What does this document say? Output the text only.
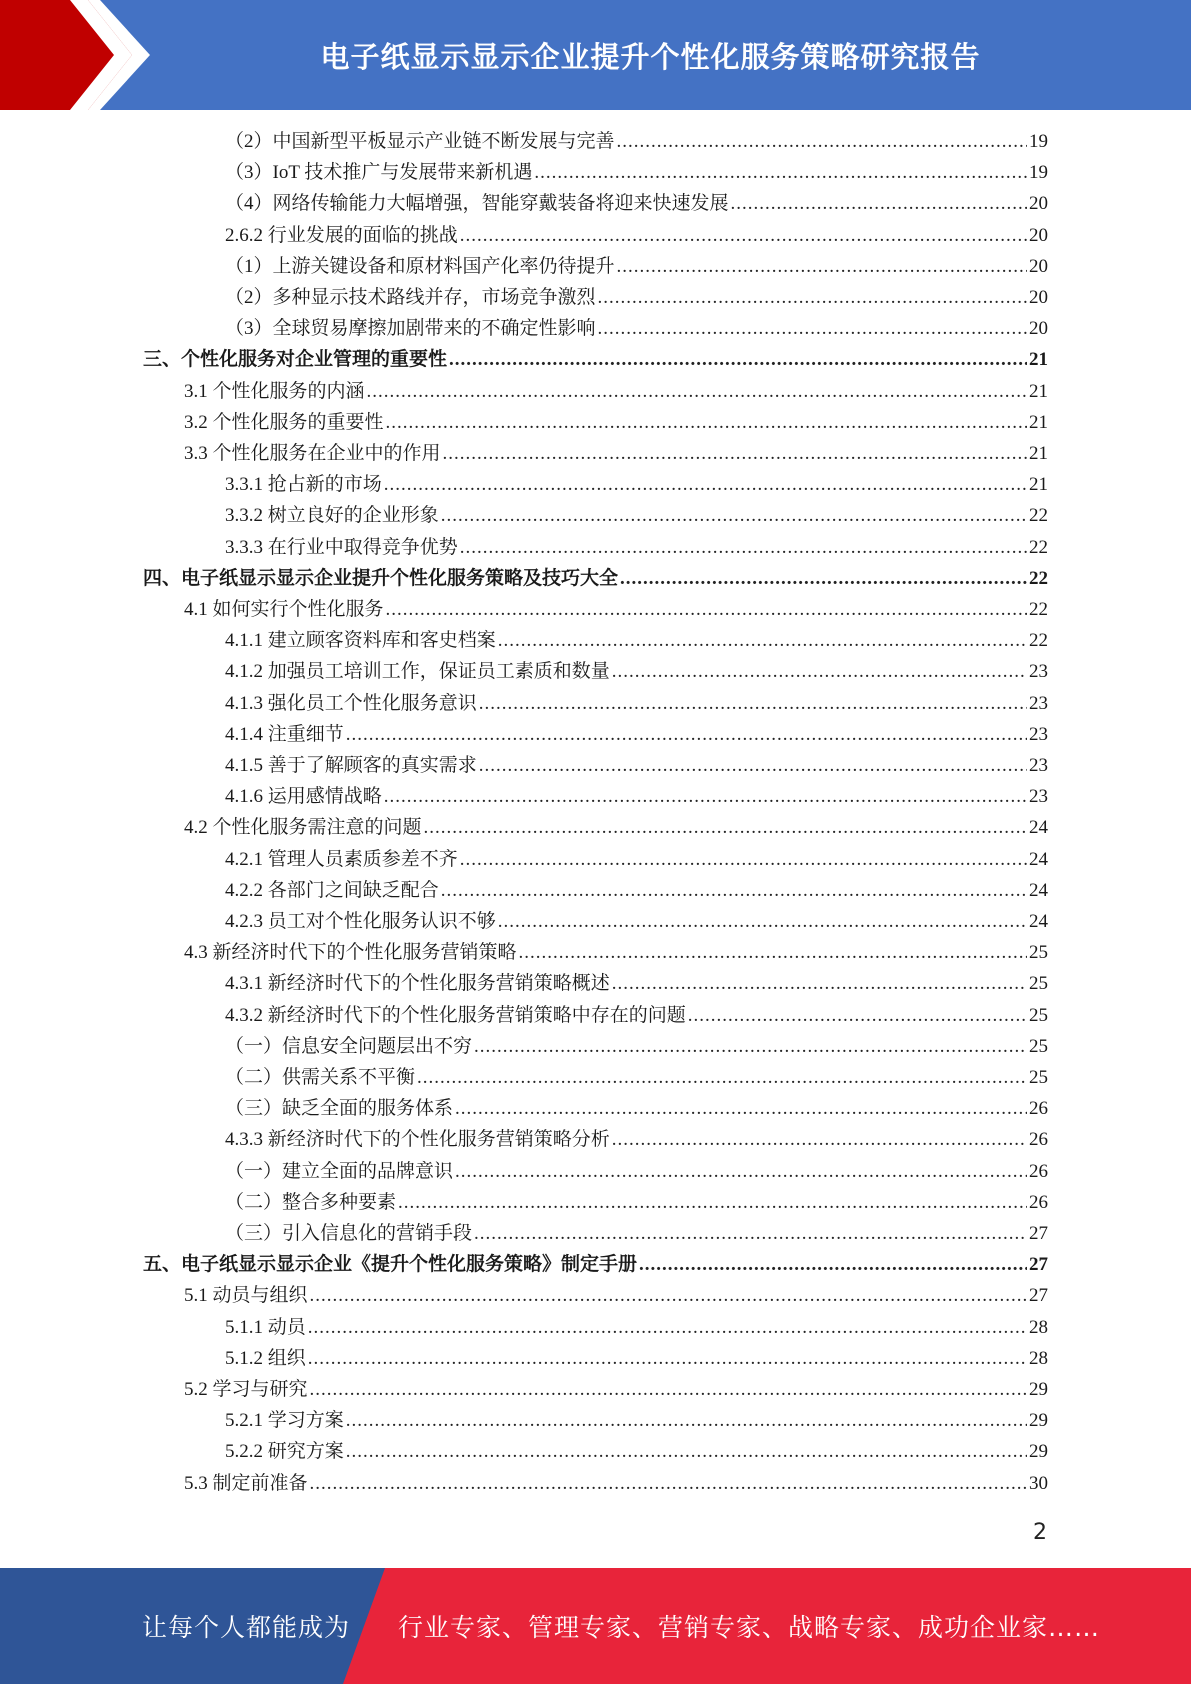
电子纸显示显示企业提升个性化服务策略研究报告
（2）中国新型平板显示产业链不断发展与完善 .....	19
（3）IoT 技术推广与发展带来新机遇 .....	19
（4）网络传输能力大幅增强，智能穿戴装备将迎来快速发展 .....	20
2.6.2 行业发展的面临的挑战 .....	20
（1）上游关键设备和原材料国产化率仍待提升 .....	20
（2）多种显示技术路线并存，市场竞争激烈 .....	20
（3）全球贸易摩擦加剧带来的不确定性影响 .....	20
三、个性化服务对企业管理的重要性 .....	21
3.1 个性化服务的内涵 .....	21
3.2 个性化服务的重要性 .....	21
3.3 个性化服务在企业中的作用 .....	21
3.3.1 抢占新的市场 .....	21
3.3.2 树立良好的企业形象 .....	22
3.3.3 在行业中取得竞争优势 .....	22
四、电子纸显示显示企业提升个性化服务策略及技巧大全 .....	22
4.1 如何实行个性化服务 .....	22
4.1.1 建立顾客资料库和客史档案 .....	22
4.1.2 加强员工培训工作，保证员工素质和数量 .....	23
4.1.3 强化员工个性化服务意识 .....	23
4.1.4 注重细节 .....	23
4.1.5 善于了解顾客的真实需求 .....	23
4.1.6 运用感情战略 .....	23
4.2 个性化服务需注意的问题 .....	24
4.2.1 管理人员素质参差不齐 .....	24
4.2.2 各部门之间缺乏配合 .....	24
4.2.3 员工对个性化服务认识不够 .....	24
4.3 新经济时代下的个性化服务营销策略 .....	25
4.3.1 新经济时代下的个性化服务营销策略概述 .....	25
4.3.2 新经济时代下的个性化服务营销策略中存在的问题 .....	25
（一）信息安全问题层出不穷 .....	25
（二）供需关系不平衡 .....	25
（三）缺乏全面的服务体系 .....	26
4.3.3 新经济时代下的个性化服务营销策略分析 .....	26
（一）建立全面的品牌意识 .....	26
（二）整合多种要素 .....	26
（三）引入信息化的营销手段 .....	27
五、电子纸显示显示企业《提升个性化服务策略》制定手册 .....	27
5.1 动员与组织 .....	27
5.1.1 动员 .....	28
5.1.2 组织 .....	28
5.2 学习与研究 .....	29
5.2.1 学习方案 .....	29
5.2.2 研究方案 .....	29
5.3 制定前准备 .....	30
2
让每个人都能成为 行业专家、管理专家、营销专家、战略专家、成功企业家……
